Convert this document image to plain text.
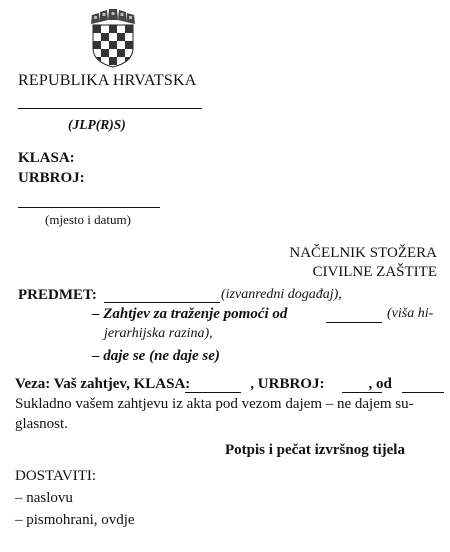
REPUBLIKA HRVATSKA
(JLP(R)S)
KLASA:
URBROJ:
(mjesto i datum)
NAČELNIK STOŽERA
CIVILNE ZAŠTITE
PREDMET:	(izvanredni događaj),
– Zahtjev za traženje pomoći od	(viša hi-
jerarhijska razina),
– daje se (ne daje se)
Veza: Vaš zahtjev, KLASA:	, URBROJ:	, od
Sukladno vašem zahtjevu iz akta pod vezom dajem – ne dajem su-
glasnost.
Potpis i pečat izvršnog tijela
DOSTAVITI:
– naslovu
– pismohrani, ovdje
